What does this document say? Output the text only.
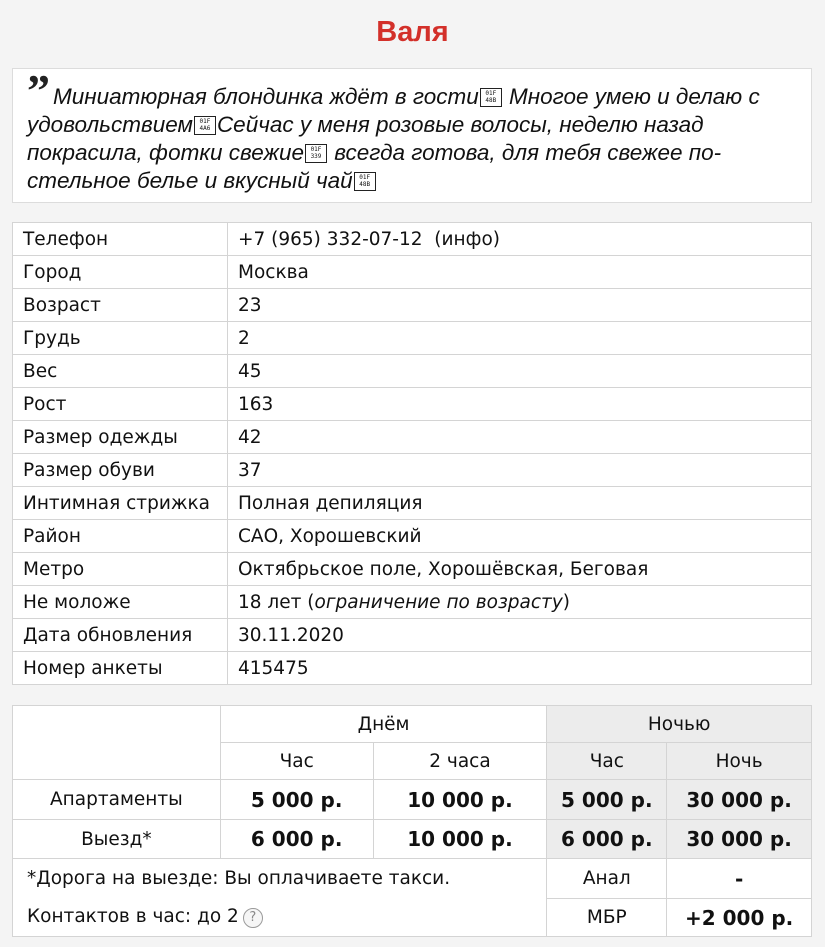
Валя
” Миниатюрная блондинка ждёт в гости 01F
48B Многое умею и делаю с удовольствием 01F
4A6 Сейчас у меня розовые волосы, неделю назад покрасила, фотки свежие 01F
339 всегда готова, для тебя свежее по-стельное белье и вкусный чай 01F
48B
Телефон	+7 (965) 332-07-12 (инфо)
Город	Москва
Возраст	23
Грудь	2
Вес	45
Рост	163
Размер одежды	42
Размер обуви	37
Интимная стрижка	Полная депиляция
Район	САО, Хорошевский
Метро	Октябрьское поле, Хорошёвская, Беговая
Не моложе	18 лет (ограничение по возрасту)
Дата обновления	30.11.2020
Номер анкеты	415475
	Днём		Ночью	
	Час	2 часа	Час	Ночь
Апартаменты	5 000 р.	10 000 р.	5 000 р.	30 000 р.
Выезд*	6 000 р.	10 000 р.	6 000 р.	30 000 р.
*Дорога на выезде: Вы оплачиваете такси.			Анал	-
Контактов в час: до 2 ?			МБР	+2 000 р.
